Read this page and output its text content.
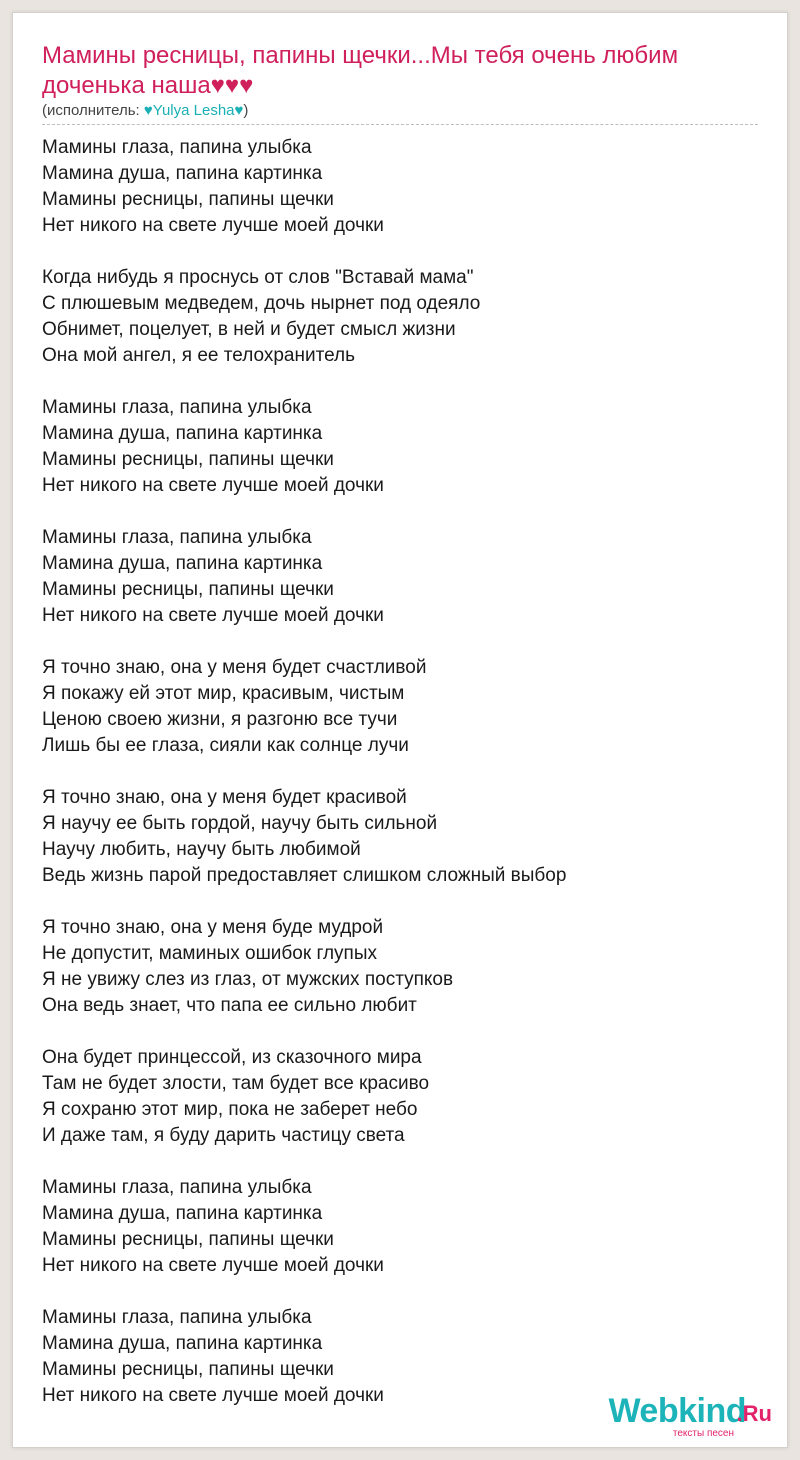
Мамины ресницы, папины щечки...Мы тебя очень любим доченька наша♥♥♥
(исполнитель: ♥Yulya Lesha♥)
Мамины глаза, папина улыбка
Мамина душа, папина картинка
Мамины ресницы, папины щечки
Нет никого на свете лучше моей дочки
Когда нибудь я проснусь от слов "Вставай мама"
С плюшевым медведем, дочь нырнет под одеяло
Обнимет, поцелует, в ней и будет смысл жизни
Она мой ангел, я ее телохранитель
Мамины глаза, папина улыбка
Мамина душа, папина картинка
Мамины ресницы, папины щечки
Нет никого на свете лучше моей дочки
Мамины глаза, папина улыбка
Мамина душа, папина картинка
Мамины ресницы, папины щечки
Нет никого на свете лучше моей дочки
Я точно знаю, она у меня будет счастливой
Я покажу ей этот мир, красивым, чистым
Ценою своею жизни, я разгоню все тучи
Лишь бы ее глаза, сияли как солнце лучи
Я точно знаю, она у меня будет красивой
Я научу ее быть гордой, научу быть сильной
Научу любить, научу быть любимой
Ведь жизнь парой предоставляет слишком сложный выбор
Я точно знаю, она у меня буде мудрой
Не допустит, маминых ошибок глупых
Я не увижу слез из глаз, от мужских поступков
Она ведь знает, что папа ее сильно любит
Она будет принцессой, из сказочного мира
Там не будет злости, там будет все красиво
Я сохраню этот мир, пока не заберет небо
И даже там, я буду дарить частицу света
Мамины глаза, папина улыбка
Мамина душа, папина картинка
Мамины ресницы, папины щечки
Нет никого на свете лучше моей дочки
Мамины глаза, папина улыбка
Мамина душа, папина картинка
Мамины ресницы, папины щечки
Нет никого на свете лучше моей дочки	Webkind
.Ru
тексты песен
